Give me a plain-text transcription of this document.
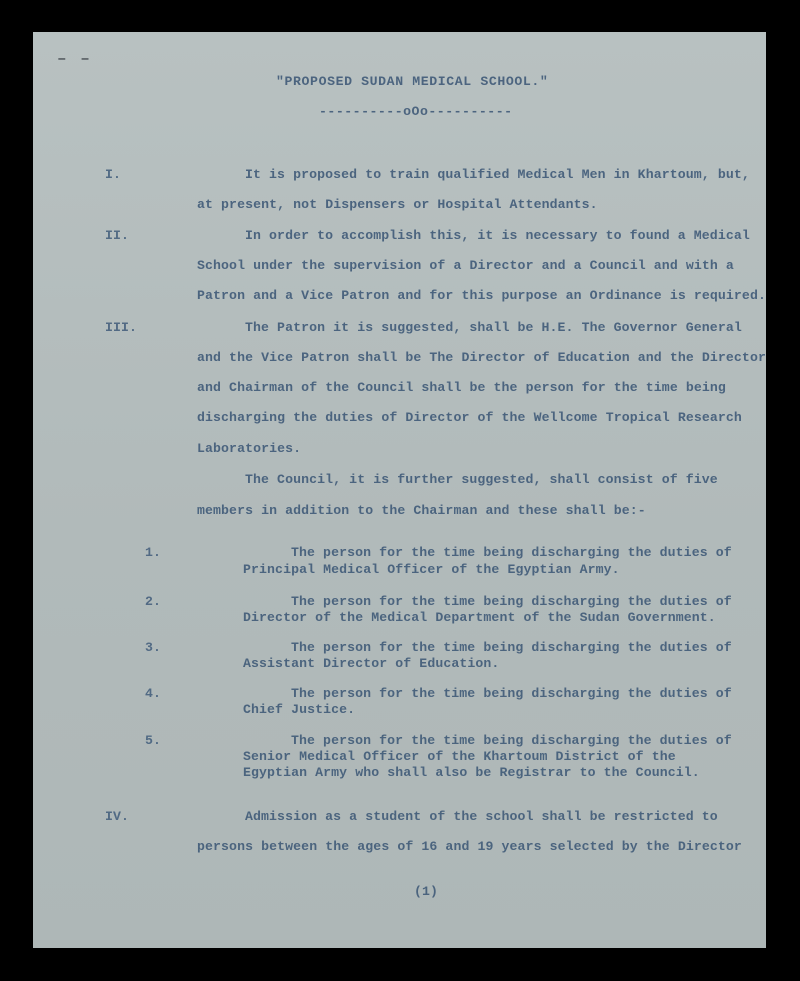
‒ ‒
"PROPOSED SUDAN MEDICAL SCHOOL."
----------oOo----------
I.	It is proposed to train qualified Medical Men in Khartoum, but,
at present, not Dispensers or Hospital Attendants.
II.	In order to accomplish this, it is necessary to found a Medical
School under the supervision of a Director and a Council and with a
Patron and a Vice Patron and for this purpose an Ordinance is required.
III.	The Patron it is suggested, shall be H.E. The Governor General
and the Vice Patron shall be The Director of Education and the Director
and Chairman of the Council shall be the person for the time being
discharging the duties of Director of the Wellcome Tropical Research
Laboratories.
The Council, it is further suggested, shall consist of five
members in addition to the Chairman and these shall be:-
1.	The person for the time being discharging the duties of
Principal Medical Officer of the Egyptian Army.
2.	The person for the time being discharging the duties of
Director of the Medical Department of the Sudan Government.
3.	The person for the time being discharging the duties of
Assistant Director of Education.
4.	The person for the time being discharging the duties of
Chief Justice.
5.	The person for the time being discharging the duties of
Senior Medical Officer of the Khartoum District of the
Egyptian Army who shall also be Registrar to the Council.
IV.	Admission as a student of the school shall be restricted to
persons between the ages of 16 and 19 years selected by the Director
(1)
